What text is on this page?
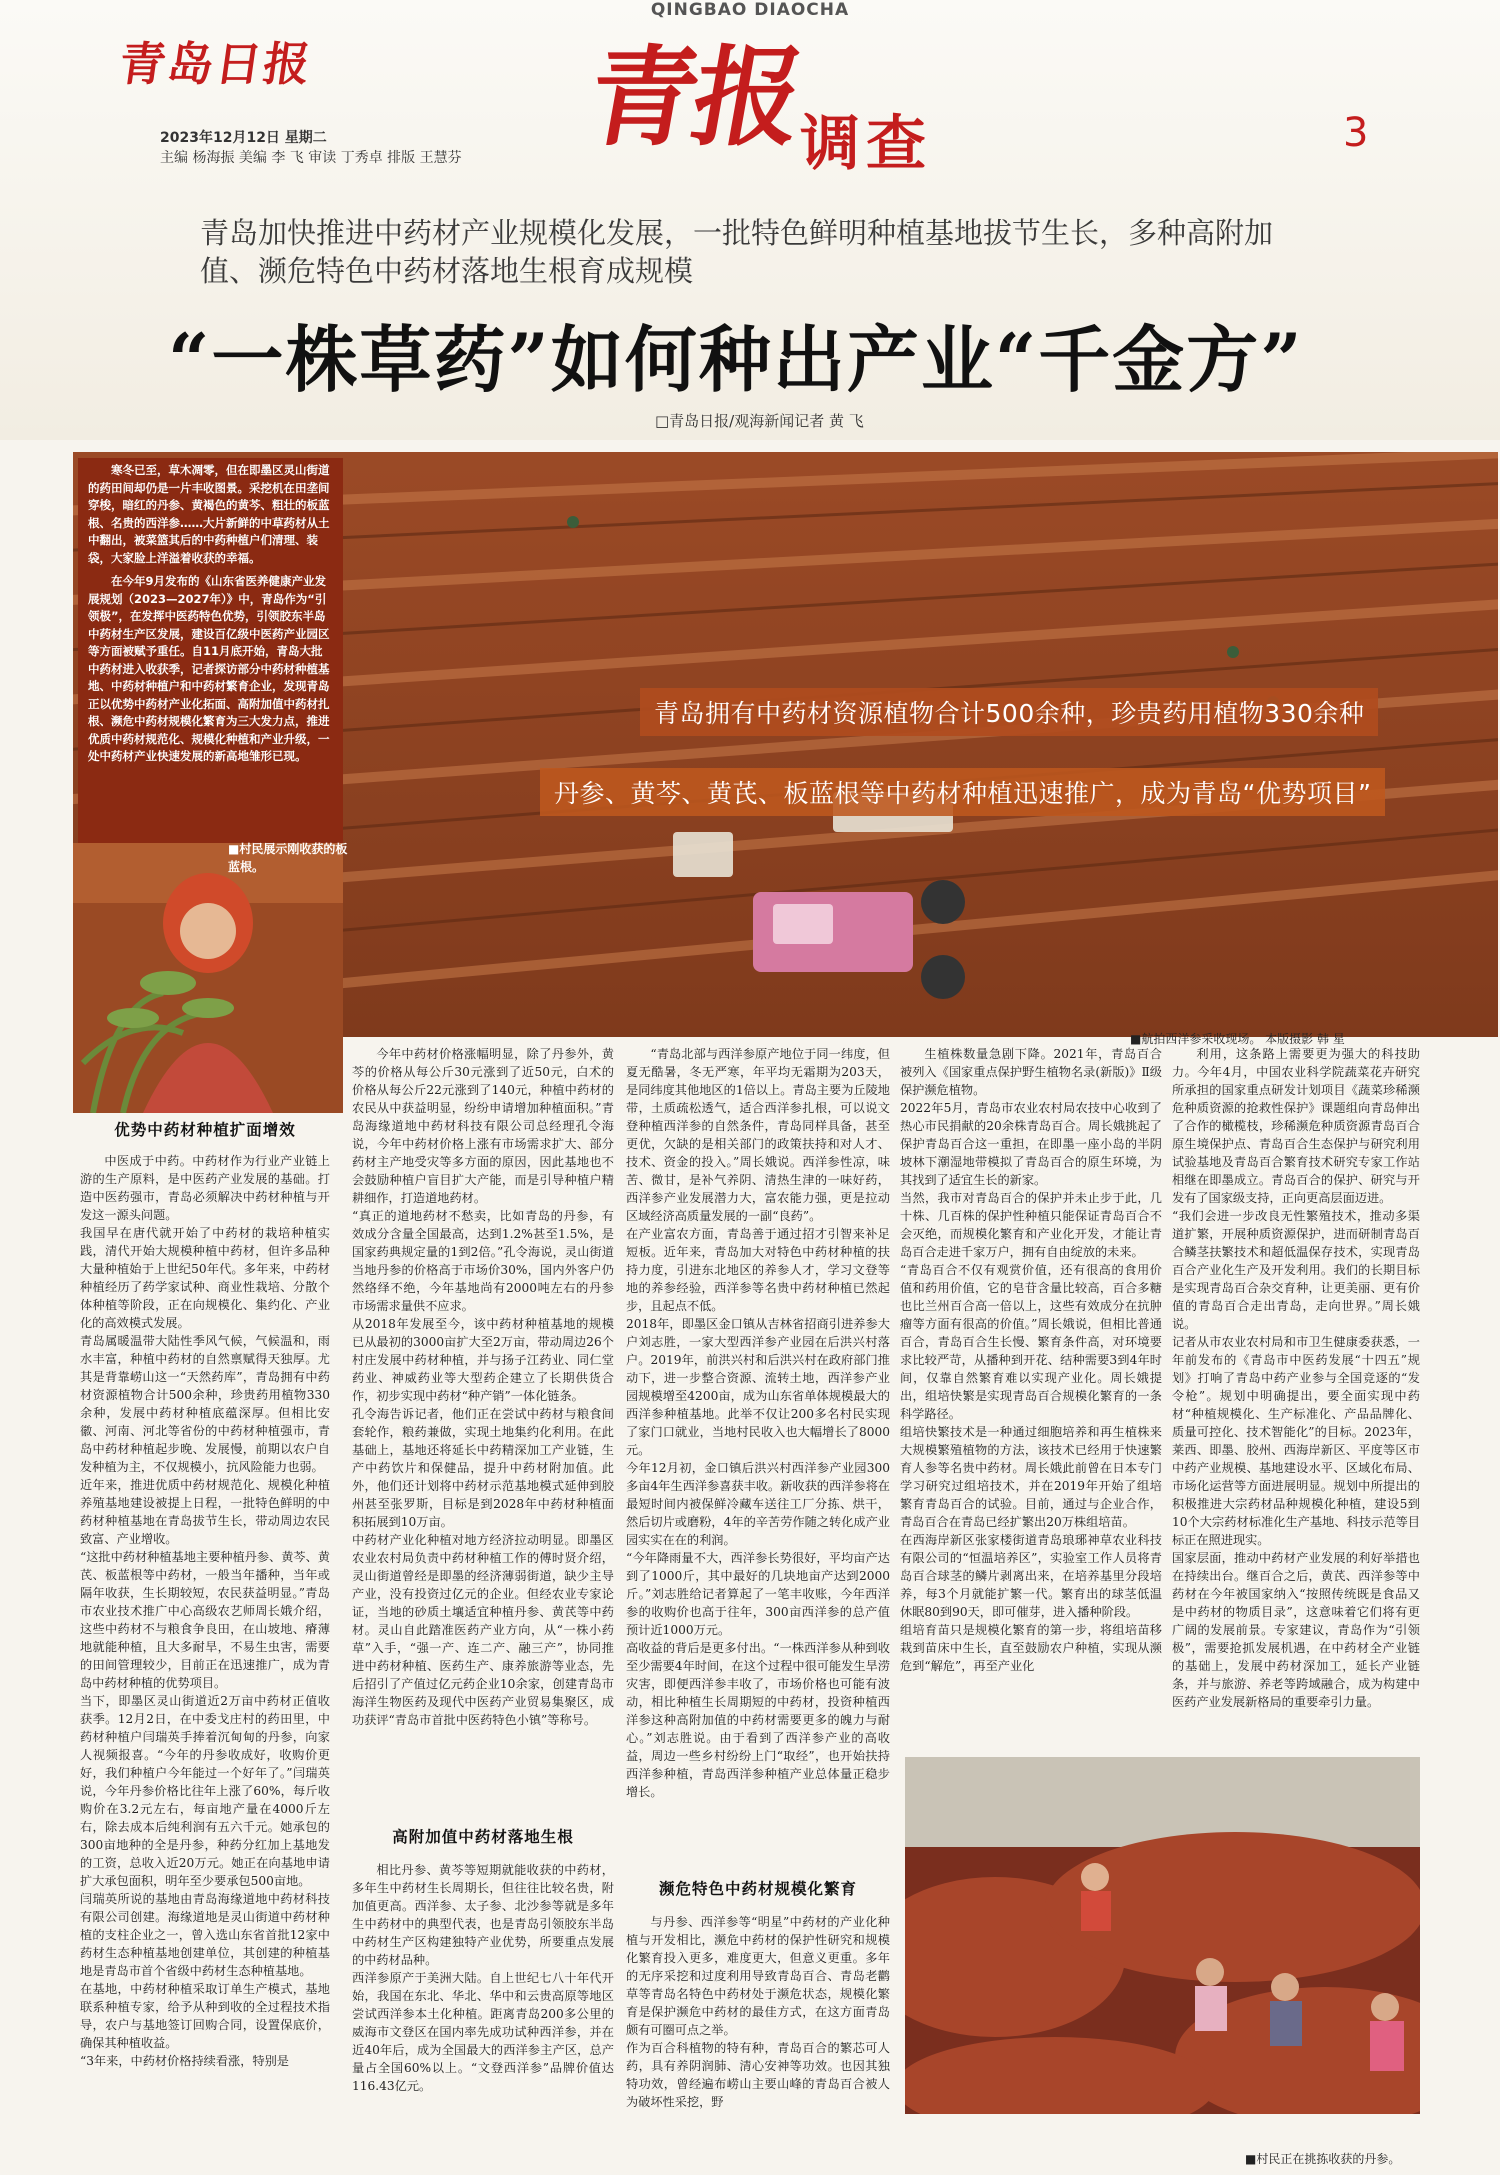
QINGBAO DIAOCHA
青岛日报 青报
调查	3
2023年12月12日 星期二
主编 杨海振 美编 李 飞 审读 丁秀卓 排版 王慧芬
青岛加快推进中药材产业规模化发展，一批特色鲜明种植基地拔节生长，多种高附加值、濒危特色中药材落地生根育成规模
“一株草药”如何种出产业“千金方”
□青岛日报/观海新闻记者 黄 飞

寒冬已至，草木凋零，但在即墨区灵山街道的药田间却仍是一片丰收图景。采挖机在田垄间穿梭，暗红的丹参、黄褐色的黄芩、粗壮的板蓝根、名贵的西洋参……大片新鲜的中草药材从土中翻出，被菜篮其后的中药种植户们清理、装袋，大家脸上洋溢着收获的幸福。

在今年9月发布的《山东省医养健康产业发展规划（2023—2027年）》中，青岛作为“引领极”，在发挥中医药特色优势，引领胶东半岛中药材生产区发展，建设百亿级中医药产业园区等方面被赋予重任。自11月底开始，青岛大批中药材进入收获季，记者探访部分中药材种植基地、中药材种植户和中药材繁育企业，发现青岛正以优势中药材产业化拓面、高附加值中药材扎根、濒危中药材规模化繁育为三大发力点，推进优质中药材规范化、规模化种植和产业升级，一处中药材产业快速发展的新高地雏形已现。

■村民展示刚收获的板蓝根。
青岛拥有中药材资源植物合计500余种，珍贵药用植物330余种
丹参、黄芩、黄芪、板蓝根等中药材种植迅速推广，成为青岛“优势项目”
■航拍西洋参采收现场。 本版摄影 韩 星
优势中药材种植扩面增效
中医成于中药。中药材作为行业产业链上游的生产原料，是中医药产业发展的基础。打造中医药强市，青岛必须解决中药材种植与开发这一源头问题。
我国早在唐代就开始了中药材的栽培种植实践，清代开始大规模种植中药材，但许多品种大量种植始于上世纪50年代。多年来，中药材种植经历了药学家试种、商业性栽培、分散个体种植等阶段，正在向规模化、集约化、产业化的高效模式发展。
青岛属暖温带大陆性季风气候，气候温和，雨水丰富，种植中药材的自然禀赋得天独厚。尤其是背靠崂山这一“天然药库”，青岛拥有中药材资源植物合计500余种，珍贵药用植物330余种，发展中药材种植底蕴深厚。但相比安徽、河南、河北等省份的中药材种植强市，青岛中药材种植起步晚、发展慢，前期以农户自发种植为主，不仅规模小，抗风险能力也弱。
近年来，推进优质中药材规范化、规模化种植养殖基地建设被提上日程，一批特色鲜明的中药材种植基地在青岛拔节生长，带动周边农民致富、产业增收。
“这批中药材种植基地主要种植丹参、黄芩、黄芪、板蓝根等中药材，一般当年播种，当年或隔年收获，生长期较短，农民获益明显。”青岛市农业技术推广中心高级农艺师周长娥介绍，这些中药材不与粮食争良田，在山坡地、瘠薄地就能种植，且大多耐旱，不易生虫害，需要的田间管理较少，目前正在迅速推广，成为青岛中药材种植的优势项目。
当下，即墨区灵山街道近2万亩中药材正值收获季。12月2日，在中委戈庄村的药田里，中药材种植户闫瑞英手捧着沉甸甸的丹参，向家人视频报喜。“今年的丹参收成好，收购价更好，我们种植户今年能过一个好年了。”闫瑞英说，今年丹参价格比往年上涨了60%，每斤收购价在3.2元左右，每亩地产量在4000斤左右，除去成本后纯利润有五六千元。她承包的300亩地种的全是丹参，种药分红加上基地发的工资，总收入近20万元。她正在向基地申请扩大承包面积，明年至少要承包500亩地。
闫瑞英所说的基地由青岛海缘道地中药材科技有限公司创建。海缘道地是灵山街道中药材种植的支柱企业之一，曾入选山东省首批12家中药材生态种植基地创建单位，其创建的种植基地是青岛市首个省级中药材生态种植基地。
在基地，中药材种植采取订单生产模式，基地联系种植专家，给予从种到收的全过程技术指导，农户与基地签订回购合同，设置保底价，确保其种植收益。
“3年来，中药材价格持续看涨，特别是
今年中药材价格涨幅明显，除了丹参外，黄芩的价格从每公斤30元涨到了近50元，白术的价格从每公斤22元涨到了140元，种植中药材的农民从中获益明显，纷纷申请增加种植面积。”青岛海缘道地中药材科技有限公司总经理孔令海说，今年中药材价格上涨有市场需求扩大、部分药材主产地受灾等多方面的原因，因此基地也不会鼓励种植户盲目扩大产能，而是引导种植户精耕细作，打造道地药材。
“真正的道地药材不愁卖，比如青岛的丹参，有效成分含量全国最高，达到1.2%甚至1.5%，是国家药典规定量的1到2倍。”孔令海说，灵山街道当地丹参的价格高于市场价30%，国内外客户仍然络绎不绝，今年基地尚有2000吨左右的丹参市场需求量供不应求。
从2018年发展至今，该中药材种植基地的规模已从最初的3000亩扩大至2万亩，带动周边26个村庄发展中药材种植，并与扬子江药业、同仁堂药业、神威药业等大型药企建立了长期供货合作，初步实现中药材“种产销”一体化链条。
孔令海告诉记者，他们正在尝试中药材与粮食间套轮作，粮药兼做，实现土地集约化利用。在此基础上，基地还将延长中药精深加工产业链，生产中药饮片和保健品，提升中药材附加值。此外，他们还计划将中药材示范基地模式延伸到胶州甚至张罗斯，目标是到2028年中药材种植面积拓展到10万亩。
中药材产业化种植对地方经济拉动明显。即墨区农业农村局负责中药材种植工作的傅时贤介绍，灵山街道曾经是即墨的经济薄弱街道，缺少主导产业，没有投资过亿元的企业。但经农业专家论证，当地的砂质土壤适宜种植丹参、黄芪等中药材。灵山自此踏准医药产业方向，从“一株小药草”入手，“强一产、连二产、融三产”，协同推进中药材种植、医药生产、康养旅游等业态，先后招引了产值过亿元药企业10余家，创建青岛市海洋生物医药及现代中医药产业贸易集聚区，成功获评“青岛市首批中医药特色小镇”等称号。
高附加值中药材落地生根
相比丹参、黄芩等短期就能收获的中药材，多年生中药材生长周期长，但往往比较名贵，附加值更高。西洋参、太子参、北沙参等就是多年生中药材中的典型代表，也是青岛引领胶东半岛中药材生产区构建独特产业优势，所要重点发展的中药材品种。
西洋参原产于美洲大陆。自上世纪七八十年代开始，我国在东北、华北、华中和云贵高原等地区尝试西洋参本土化种植。距离青岛200多公里的威海市文登区在国内率先成功试种西洋参，并在近40年后，成为全国最大的西洋参主产区，总产量占全国60%以上。“文登西洋参”品牌价值达116.43亿元。
“青岛北部与西洋参原产地位于同一纬度，但夏无酷暑，冬无严寒，年平均无霜期为203天，是同纬度其他地区的1倍以上。青岛主要为丘陵地带，土质疏松透气，适合西洋参扎根，可以说文登种植西洋参的自然条件，青岛同样具备，甚至更优，欠缺的是相关部门的政策扶持和对人才、技术、资金的投入。”周长娥说。西洋参性凉，味苦、微甘，是补气养阴、清热生津的一味好药，西洋参产业发展潜力大，富农能力强，更是拉动区域经济高质量发展的一副“良药”。
在产业富农方面，青岛善于通过招才引智来补足短板。近年来，青岛加大对特色中药材种植的扶持力度，引进东北地区的养参人才，学习文登等地的养参经验，西洋参等名贵中药材种植已然起步，且起点不低。
2018年，即墨区金口镇从吉林省招商引进养参大户刘志胜，一家大型西洋参产业园在后洪兴村落户。2019年，前洪兴村和后洪兴村在政府部门推动下，进一步整合资源、流转土地，西洋参产业园规模增至4200亩，成为山东省单体规模最大的西洋参种植基地。此举不仅让200多名村民实现了家门口就业，当地村民收入也大幅增长了8000元。
今年12月初，金口镇后洪兴村西洋参产业园300多亩4年生西洋参喜获丰收。新收获的西洋参将在最短时间内被保鲜冷藏车送往工厂分拣、烘干，然后切片或磨粉，4年的辛苦劳作随之转化成产业园实实在在的利润。
“今年降雨量不大，西洋参长势很好，平均亩产达到了1000斤，其中最好的几块地亩产达到2000斤。”刘志胜给记者算起了一笔丰收账，今年西洋参的收购价也高于往年，300亩西洋参的总产值预计近1000万元。
高收益的背后是更多付出。“一株西洋参从种到收至少需要4年时间，在这个过程中很可能发生旱涝灾害，即便西洋参丰收了，市场价格也可能有波动，相比种植生长周期短的中药材，投资种植西洋参这种高附加值的中药材需要更多的魄力与耐心。”刘志胜说。由于看到了西洋参产业的高收益，周边一些乡村纷纷上门“取经”，也开始扶持西洋参种植，青岛西洋参种植产业总体量正稳步增长。
濒危特色中药材规模化繁育
与丹参、西洋参等“明星”中药材的产业化种植与开发相比，濒危中药材的保护性研究和规模化繁育投入更多，难度更大，但意义更重。多年的无序采挖和过度利用导致青岛百合、青岛老鹳草等青岛名特色中药材处于濒危状态，规模化繁育是保护濒危中药材的最佳方式，在这方面青岛颇有可圈可点之举。
作为百合科植物的特有种，青岛百合的繁芯可人药，具有养阴润肺、清心安神等功效。也因其独特功效，曾经遍布崂山主要山峰的青岛百合被人为破坏性采挖，野
生植株数量急剧下降。2021年，青岛百合被列入《国家重点保护野生植物名录(新版)》Ⅱ级保护濒危植物。
2022年5月，青岛市农业农村局农技中心收到了热心市民捐献的20余株青岛百合。周长娥挑起了保护青岛百合这一重担，在即墨一座小岛的半阴坡林下潮湿地带模拟了青岛百合的原生环境，为其找到了适宜生长的新家。
当然，我市对青岛百合的保护并未止步于此，几十株、几百株的保护性种植只能保证青岛百合不会灭绝，而规模化繁育和产业化开发，才能让青岛百合走进千家万户，拥有自由绽放的未来。
“青岛百合不仅有观赏价值，还有很高的食用价值和药用价值，它的皂苷含量比较高，百合多糖也比兰州百合高一倍以上，这些有效成分在抗肿瘤等方面有很高的价值。”周长娥说，但相比普通百合，青岛百合生长慢、繁育条件高，对环境要求比较严苛，从播种到开花、结种需要3到4年时间，仅靠自然繁育难以实现产业化。周长娥提出，组培快繁是实现青岛百合规模化繁育的一条科学路径。
组培快繁技术是一种通过细胞培养和再生植株来大规模繁殖植物的方法，该技术已经用于快速繁育人参等名贵中药材。周长娥此前曾在日本专门学习研究过组培技术，并在2019年开始了组培繁育青岛百合的试验。目前，通过与企业合作，青岛百合在青岛已经扩繁出20万株组培苗。
在西海岸新区张家楼街道青岛琅琊神草农业科技有限公司的“恒温培养区”，实验室工作人员将青岛百合球茎的鳞片剥离出来，在培养基里分段培养，每3个月就能扩繁一代。繁育出的球茎低温休眠80到90天，即可催芽，进入播种阶段。
组培育苗只是规模化繁育的第一步，将组培苗移栽到苗床中生长，直至鼓励农户种植，实现从濒危到“解危”，再至产业化
利用，这条路上需要更为强大的科技助力。今年4月，中国农业科学院蔬菜花卉研究所承担的国家重点研发计划项目《蔬菜珍稀濒危种质资源的抢救性保护》课题组向青岛伸出了合作的橄榄枝，珍稀濒危种质资源青岛百合原生境保护点、青岛百合生态保护与研究利用试验基地及青岛百合繁育技术研究专家工作站相继在即墨成立。青岛百合的保护、研究与开发有了国家级支持，正向更高层面迈进。
“我们会进一步改良无性繁殖技术，推动多渠道扩繁，开展种质资源保护，进而研制青岛百合鳞茎扶繁技术和超低温保存技术，实现青岛百合产业化生产及开发利用。我们的长期目标是实现青岛百合杂交育种，让更美丽、更有价值的青岛百合走出青岛，走向世界。”周长娥说。
记者从市农业农村局和市卫生健康委获悉，一年前发布的《青岛市中医药发展“十四五”规划》打响了青岛中药产业参与全国竞逐的“发令枪”。规划中明确提出，要全面实现中药材“种植规模化、生产标准化、产品品牌化、质量可控化、技术智能化”的目标。2023年，莱西、即墨、胶州、西海岸新区、平度等区市中药产业规模、基地建设水平、区域化布局、市场化运营等方面进展明显。规划中所提出的积极推进大宗药材品种规模化种植，建设5到10个大宗药材标准化生产基地、科技示范等目标正在照进现实。
国家层面，推动中药材产业发展的利好举措也在持续出台。继百合之后，黄芪、西洋参等中药材在今年被国家纳入“按照传统既是食品又是中药材的物质目录”，这意味着它们将有更广阔的发展前景。专家建议，青岛作为“引领极”，需要抢抓发展机遇，在中药材全产业链的基础上，发展中药材深加工，延长产业链条，并与旅游、养老等跨域融合，成为构建中医药产业发展新格局的重要牵引力量。
■村民正在挑拣收获的丹参。
